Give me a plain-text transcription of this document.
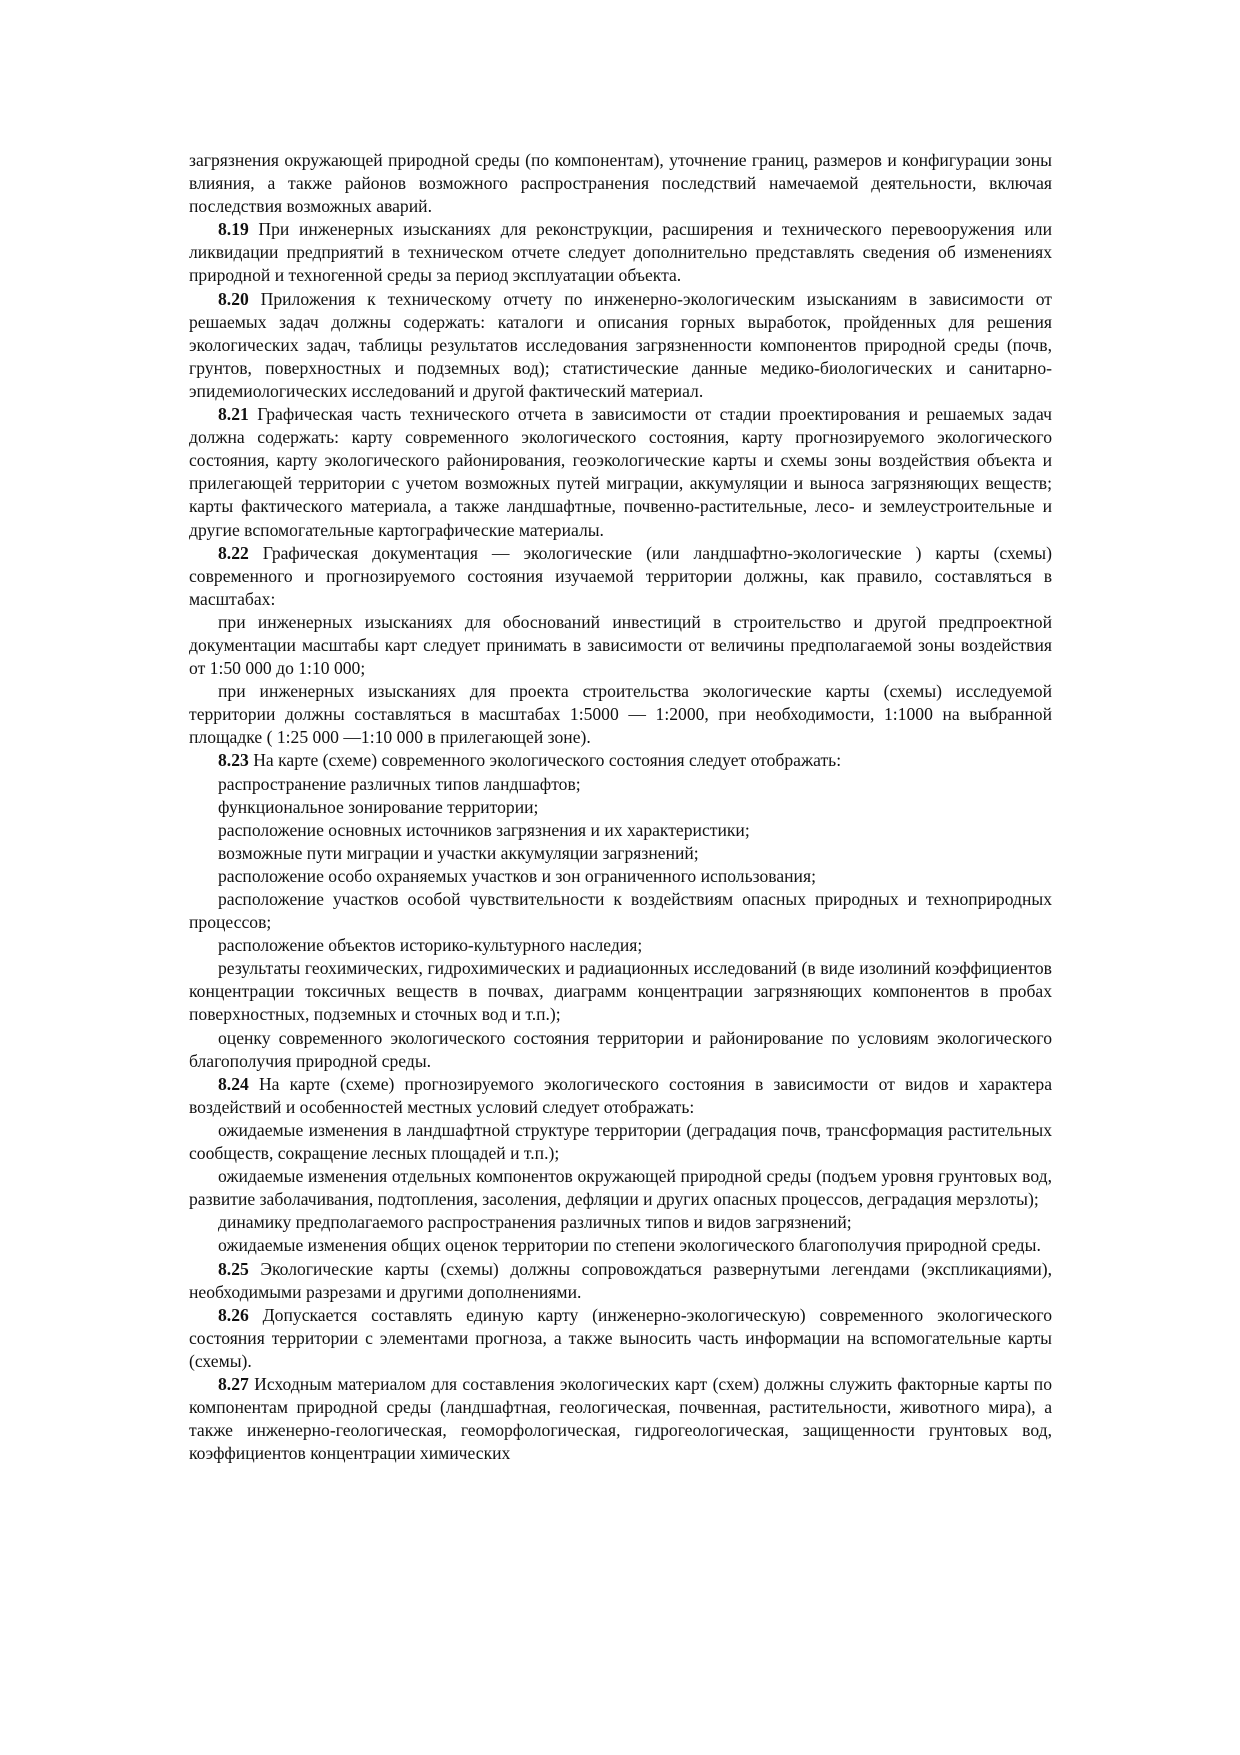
загрязнения окружающей природной среды (по компонентам), уточнение границ, размеров и конфигурации зоны влияния, а также районов возможного распространения последствий намечаемой деятельности, включая последствия возможных аварий.

8.19 При инженерных изысканиях для реконструкции, расширения и технического перевооружения или ликвидации предприятий в техническом отчете следует дополнительно представлять сведения об изменениях природной и техногенной среды за период эксплуатации объекта.

8.20 Приложения к техническому отчету по инженерно-экологическим изысканиям в зависимости от решаемых задач должны содержать: каталоги и описания горных выработок, пройденных для решения экологических задач, таблицы результатов исследования загрязненности компонентов природной среды (почв, грунтов, поверхностных и подземных вод); статистические данные медико-биологических и санитарно-эпидемиологических исследований и другой фактический материал.

8.21 Графическая часть технического отчета в зависимости от стадии проектирования и решаемых задач должна содержать: карту современного экологического состояния, карту прогнозируемого экологического состояния, карту экологического районирования, геоэкологические карты и схемы зоны воздействия объекта и прилегающей территории с учетом возможных путей миграции, аккумуляции и выноса загрязняющих веществ; карты фактического материала, а также ландшафтные, почвенно-растительные, лесо- и землеустроительные и другие вспомогательные картографические материалы.

8.22 Графическая документация — экологические (или ландшафтно-экологические ) карты (схемы) современного и прогнозируемого состояния изучаемой территории должны, как правило, составляться в масштабах:

при инженерных изысканиях для обоснований инвестиций в строительство и другой предпроектной документации масштабы карт следует принимать в зависимости от величины предполагаемой зоны воздействия от 1:50 000 до 1:10 000;

при инженерных изысканиях для проекта строительства экологические карты (схемы) исследуемой территории должны составляться в масштабах 1:5000 — 1:2000, при необходимости, 1:1000 на выбранной площадке ( 1:25 000 —1:10 000 в прилегающей зоне).

8.23 На карте (схеме) современного экологического состояния следует отображать:

распространение различных типов ландшафтов;

функциональное зонирование территории;

расположение основных источников загрязнения и их характеристики;

возможные пути миграции и участки аккумуляции загрязнений;

расположение особо охраняемых участков и зон ограниченного использования;

расположение участков особой чувствительности к воздействиям опасных природных и техноприродных процессов;

расположение объектов историко-культурного наследия;

результаты геохимических, гидрохимических и радиационных исследований (в виде изолиний коэффициентов концентрации токсичных веществ в почвах, диаграмм концентрации загрязняющих компонентов в пробах поверхностных, подземных и сточных вод и т.п.);

оценку современного экологического состояния территории и районирование по условиям экологического благополучия природной среды.

8.24 На карте (схеме) прогнозируемого экологического состояния в зависимости от видов и характера воздействий и особенностей местных условий следует отображать:

ожидаемые изменения в ландшафтной структуре территории (деградация почв, трансформация растительных сообществ, сокращение лесных площадей и т.п.);

ожидаемые изменения отдельных компонентов окружающей природной среды (подъем уровня грунтовых вод, развитие заболачивания, подтопления, засоления, дефляции и других опасных процессов, деградация мерзлоты);

динамику предполагаемого распространения различных типов и видов загрязнений;

ожидаемые изменения общих оценок территории по степени экологического благополучия природной среды.

8.25 Экологические карты (схемы) должны сопровождаться развернутыми легендами (экспликациями), необходимыми разрезами и другими дополнениями.

8.26 Допускается составлять единую карту (инженерно-экологическую) современного экологического состояния территории с элементами прогноза, а также выносить часть информации на вспомогательные карты (схемы).

8.27 Исходным материалом для составления экологических карт (схем) должны служить факторные карты по компонентам природной среды (ландшафтная, геологическая, почвенная, растительности, животного мира), а также инженерно-геологическая, геоморфологическая, гидрогеологическая, защищенности грунтовых вод, коэффициентов концентрации химических
